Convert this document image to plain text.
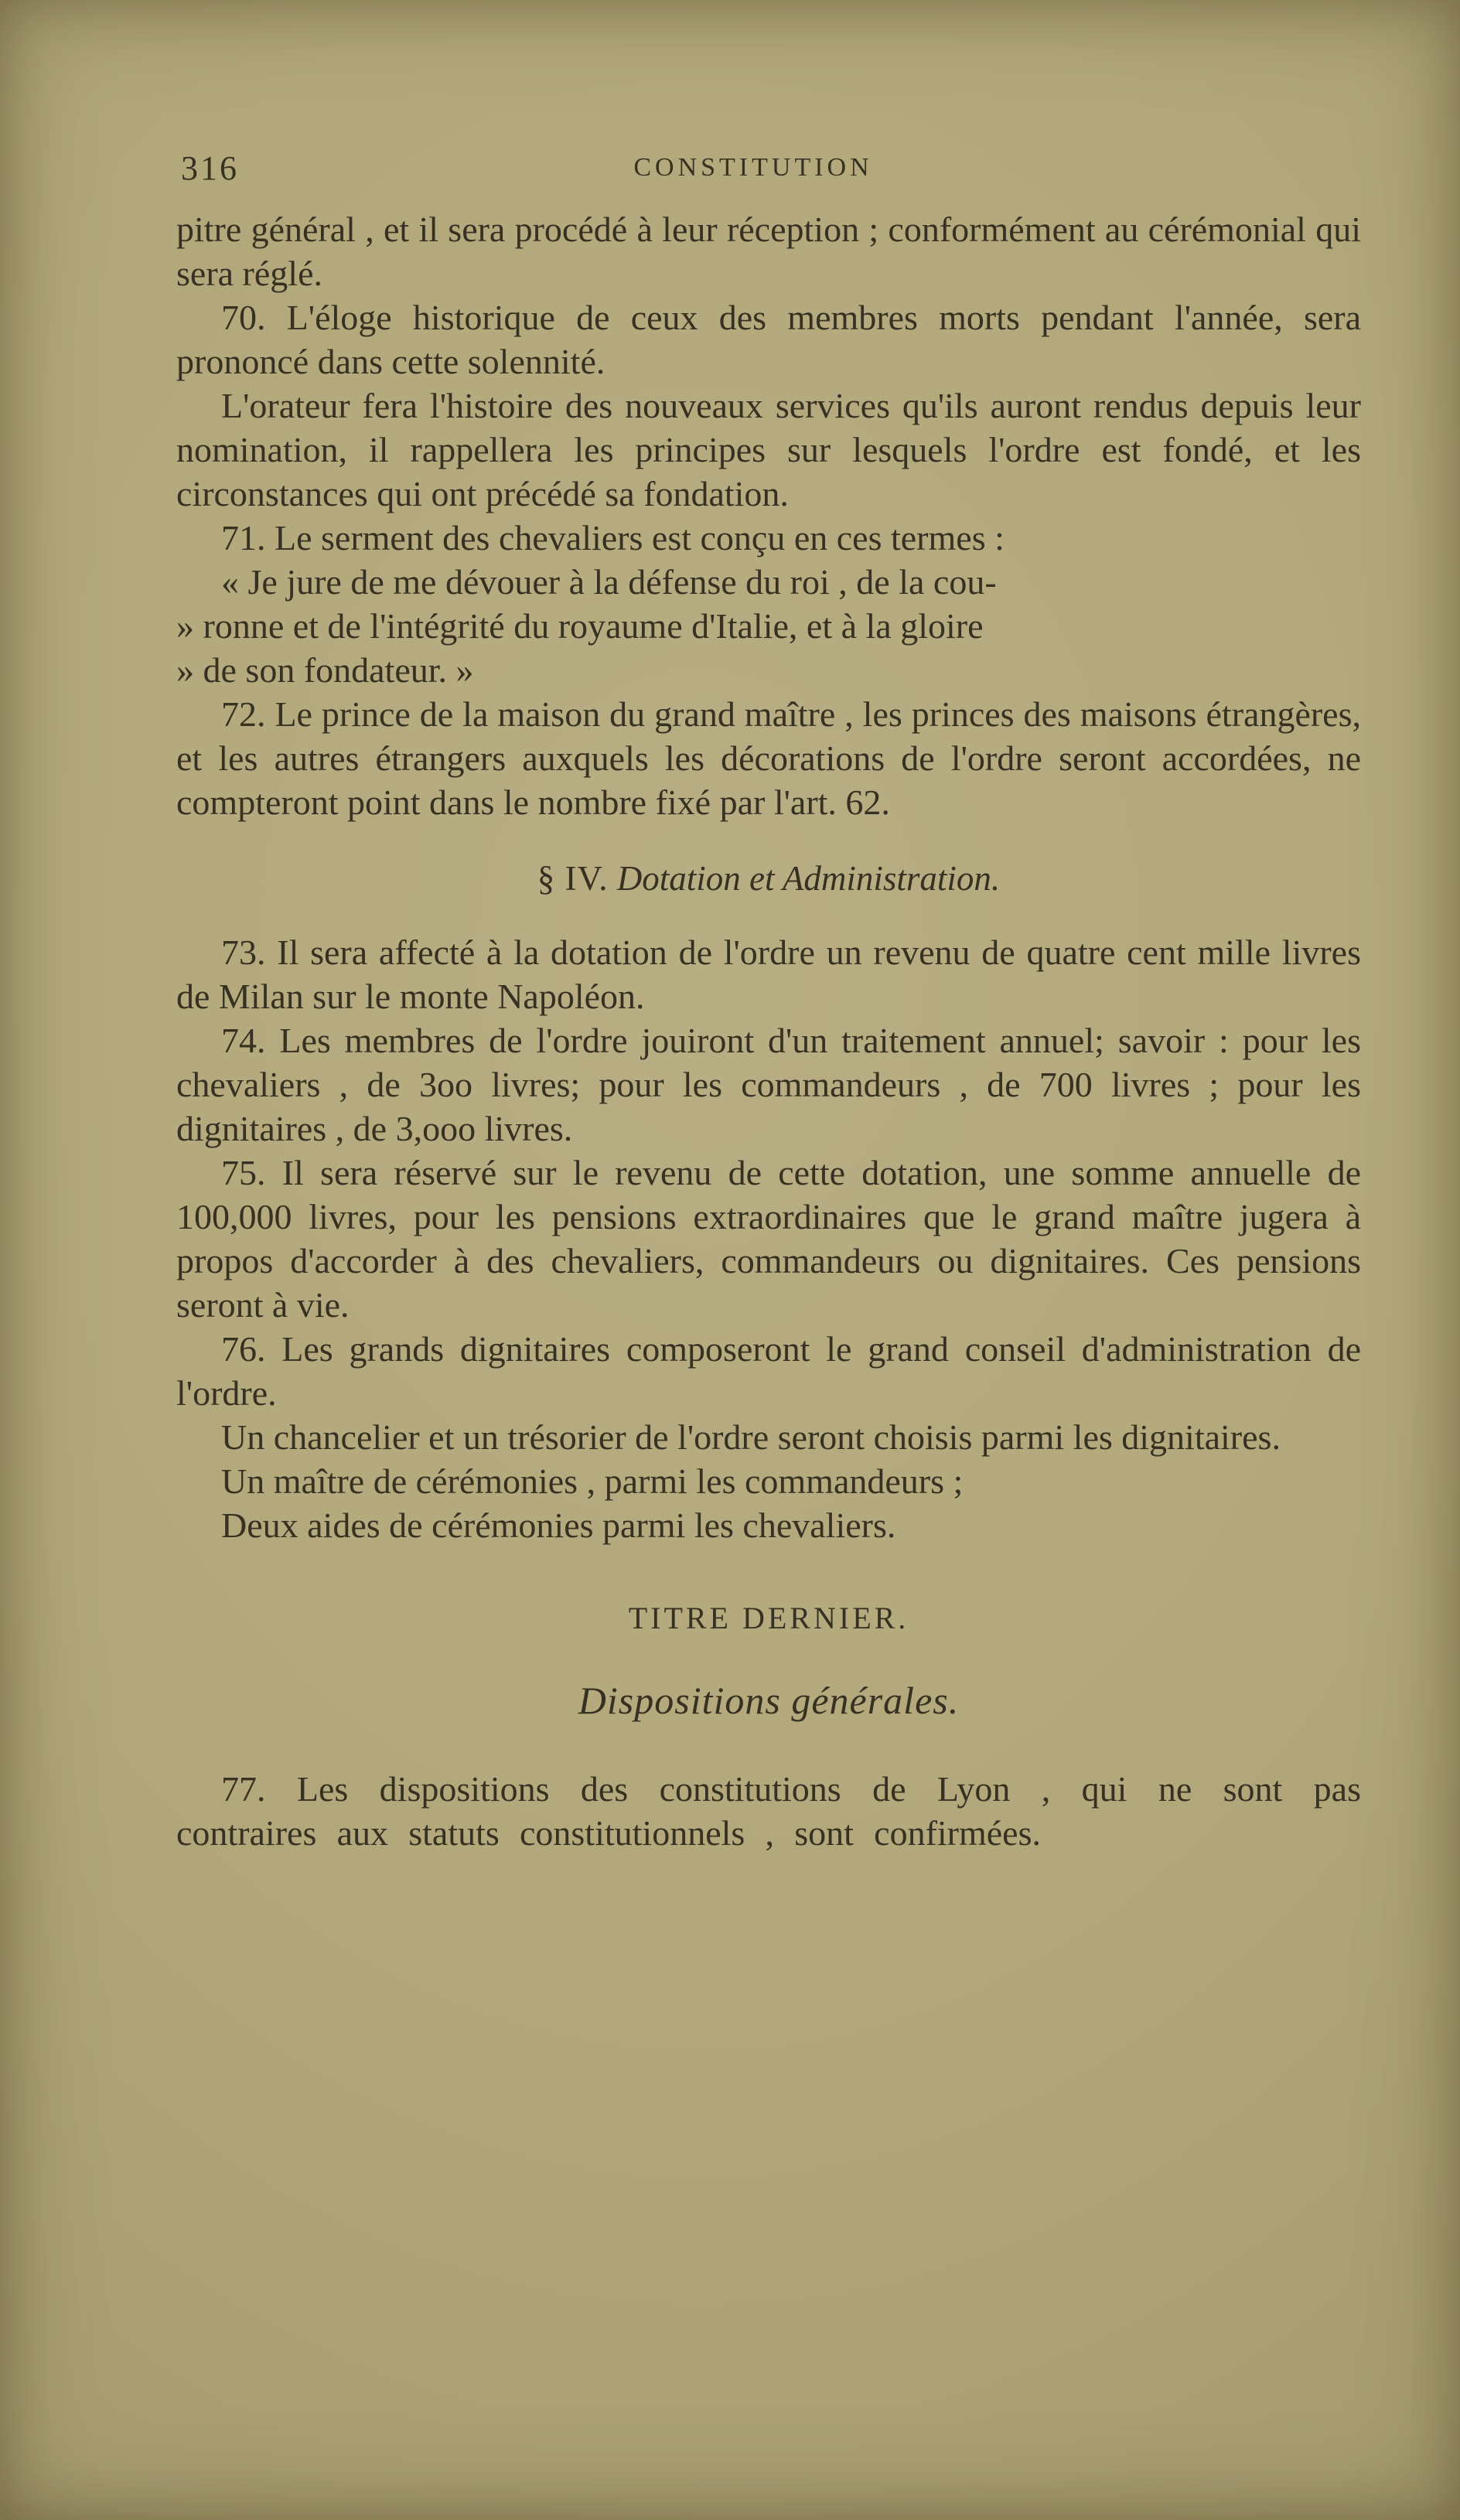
316	CONSTITUTION

pitre général , et il sera procédé à leur réception ; conformément au cérémonial qui sera réglé.

70. L'éloge historique de ceux des membres morts pendant l'année, sera prononcé dans cette solennité.

L'orateur fera l'histoire des nouveaux services qu'ils auront rendus depuis leur nomination, il rappellera les principes sur lesquels l'ordre est fondé, et les circonstances qui ont précédé sa fondation.

71. Le serment des chevaliers est conçu en ces termes :

« Je jure de me dévouer à la défense du roi , de la cou-

» ronne et de l'intégrité du royaume d'Italie, et à la gloire

» de son fondateur. »

72. Le prince de la maison du grand maître , les princes des maisons étrangères, et les autres étrangers auxquels les décorations de l'ordre seront accordées, ne compteront point dans le nombre fixé par l'art. 62.

§ IV. Dotation et Administration.

73. Il sera affecté à la dotation de l'ordre un revenu de quatre cent mille livres de Milan sur le monte Napoléon.

74. Les membres de l'ordre jouiront d'un traitement annuel; savoir : pour les chevaliers , de 3oo livres; pour les commandeurs , de 700 livres ; pour les dignitaires , de 3,ooo livres.

75. Il sera réservé sur le revenu de cette dotation, une somme annuelle de 100,000 livres, pour les pensions extraordinaires que le grand maître jugera à propos d'accorder à des chevaliers, commandeurs ou dignitaires. Ces pensions seront à vie.

76. Les grands dignitaires composeront le grand conseil d'administration de l'ordre.

Un chancelier et un trésorier de l'ordre seront choisis parmi les dignitaires.

Un maître de cérémonies , parmi les commandeurs ;

Deux aides de cérémonies parmi les chevaliers.

TITRE DERNIER.
Dispositions générales.

77. Les dispositions des constitutions de Lyon , qui ne sont pas contraires aux statuts constitutionnels , sont confirmées.
